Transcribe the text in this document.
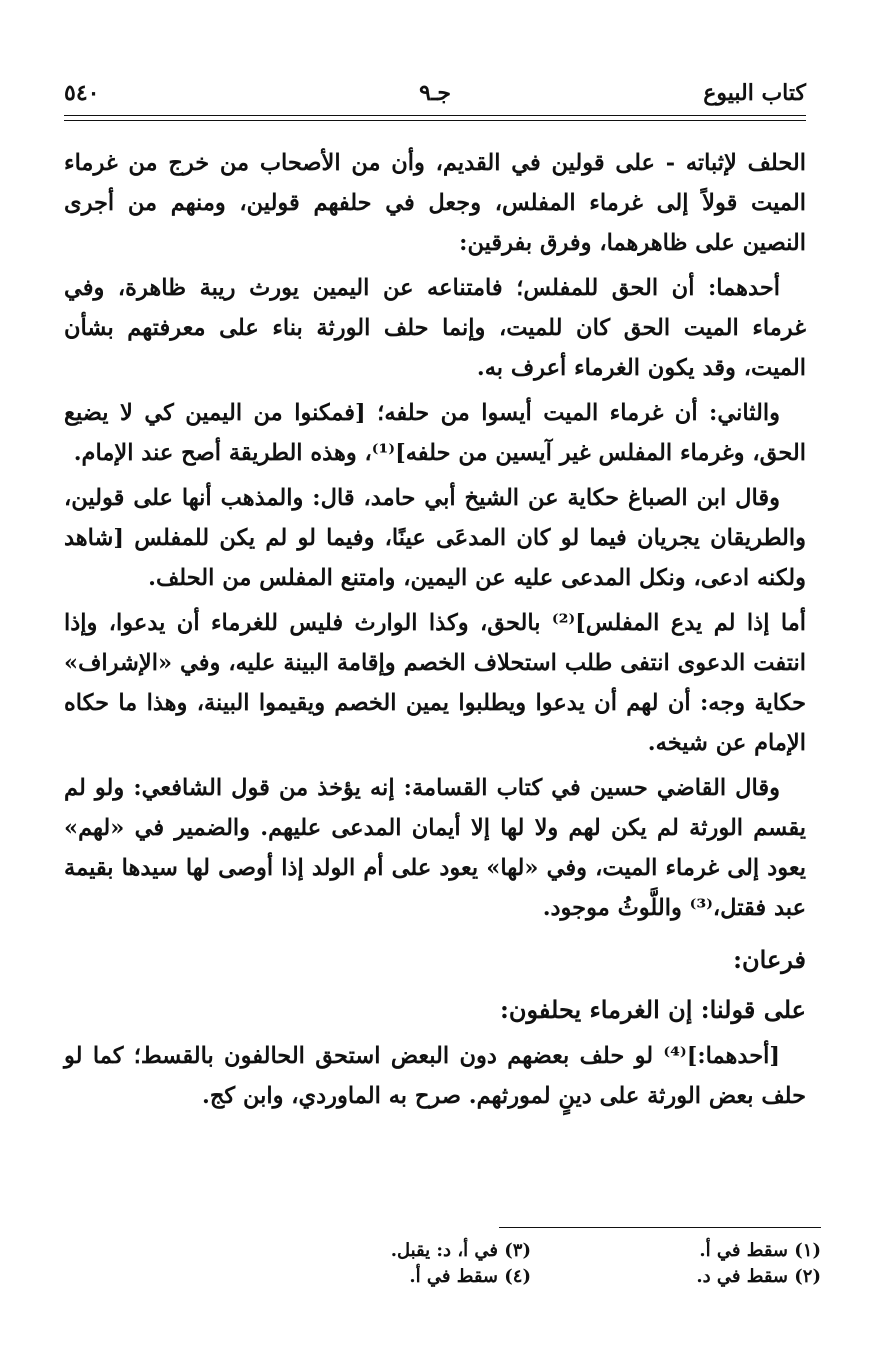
٥٤٠	جـ٩	كتاب البيوع

الحلف لإثباته - على قولين في القديم، وأن من الأصحاب من خرج من غرماء الميت قولاً إلى غرماء المفلس، وجعل في حلفهم قولين، ومنهم من أجرى النصين على ظاهرهما، وفرق بفرقين:

أحدهما: أن الحق للمفلس؛ فامتناعه عن اليمين يورث ريبة ظاهرة، وفي غرماء الميت الحق كان للميت، وإنما حلف الورثة بناء على معرفتهم بشأن الميت، وقد يكون الغرماء أعرف به.

والثاني: أن غرماء الميت أيسوا من حلفه؛ [فمكنوا من اليمين كي لا يضيع الحق، وغرماء المفلس غير آيسين من حلفه]⁽¹⁾، وهذه الطريقة أصح عند الإمام.

وقال ابن الصباغ حكاية عن الشيخ أبي حامد، قال: والمذهب أنها على قولين، والطريقان يجريان فيما لو كان المدعَى عينًا، وفيما لو لم يكن للمفلس [شاهد ولكنه ادعى، ونكل المدعى عليه عن اليمين، وامتنع المفلس من الحلف.

أما إذا لم يدع المفلس]⁽²⁾ بالحق، وكذا الوارث فليس للغرماء أن يدعوا، وإذا انتفت الدعوى انتفى طلب استحلاف الخصم وإقامة البينة عليه، وفي «الإشراف» حكاية وجه: أن لهم أن يدعوا ويطلبوا يمين الخصم ويقيموا البينة، وهذا ما حكاه الإمام عن شيخه.

وقال القاضي حسين في كتاب القسامة: إنه يؤخذ من قول الشافعي: ولو لم يقسم الورثة لم يكن لهم ولا لها إلا أيمان المدعى عليهم. والضمير في «لهم» يعود إلى غرماء الميت، وفي «لها» يعود على أم الولد إذا أوصى لها سيدها بقيمة عبد فقتل،⁽³⁾ واللَّوثُ موجود.

فرعان:
على قولنا: إن الغرماء يحلفون:

[أحدهما:]⁽⁴⁾ لو حلف بعضهم دون البعض استحق الحالفون بالقسط؛ كما لو حلف بعض الورثة على دينٍ لمورثهم. صرح به الماوردي، وابن كج.

(١) سقط في أ.
(٣) في أ، د: يقبل.
(٢) سقط في د.
(٤) سقط في أ.
